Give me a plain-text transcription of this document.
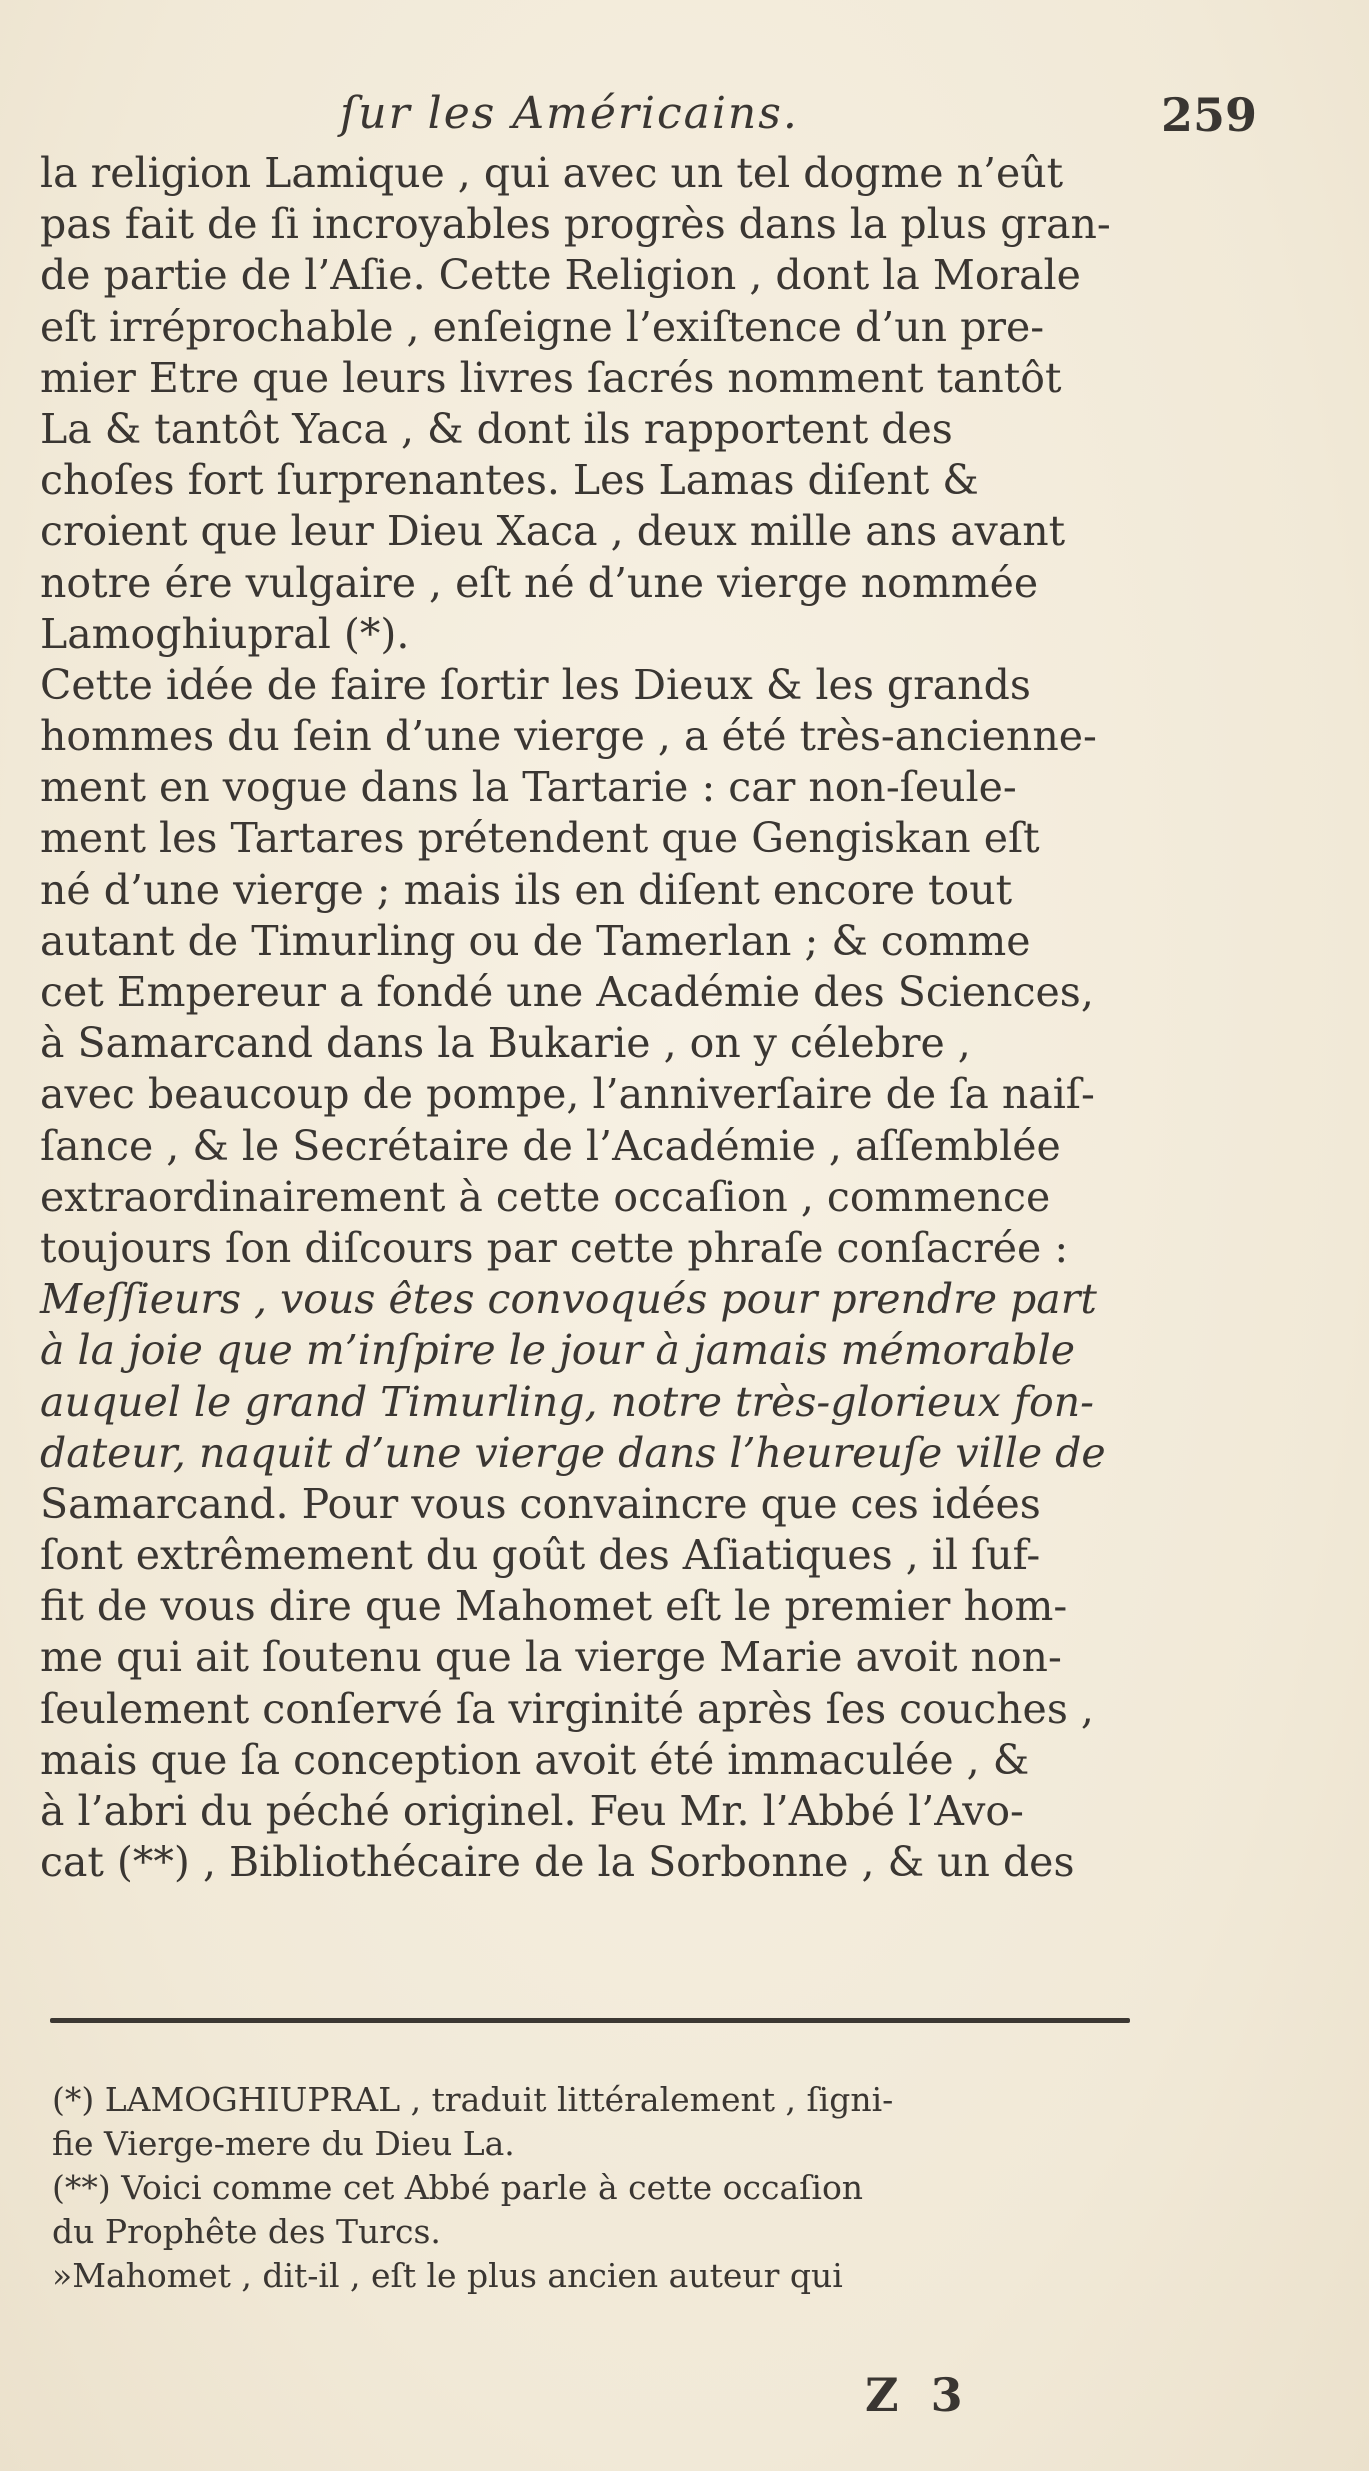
ſur les Américains.	259
la religion Lamique , qui avec un tel dogme n’eût
pas fait de ſi incroyables progrès dans la plus gran-
de partie de l’Aſie. Cette Religion , dont la Morale
eſt irréprochable , enſeigne l’exiſtence d’un pre-
mier Etre que leurs livres ſacrés nomment tantôt
La & tantôt Yaca , & dont ils rapportent des
choſes fort ſurprenantes. Les Lamas diſent &
croient que leur Dieu Xaca , deux mille ans avant
notre ére vulgaire , eſt né d’une vierge nommée
Lamoghiupral (*).
Cette idée de faire ſortir les Dieux & les grands
hommes du ſein d’une vierge , a été très-ancienne-
ment en vogue dans la Tartarie : car non-ſeule-
ment les Tartares prétendent que Gengiskan eſt
né d’une vierge ; mais ils en diſent encore tout
autant de Timurling ou de Tamerlan ; & comme
cet Empereur a fondé une Académie des Sciences,
à Samarcand dans la Bukarie , on y célebre ,
avec beaucoup de pompe, l’anniverſaire de ſa naiſ-
ſance , & le Secrétaire de l’Académie , aſſemblée
extraordinairement à cette occaſion , commence
toujours ſon diſcours par cette phraſe conſacrée :
Meſſieurs , vous êtes convoqués pour prendre part
à la joie que m’inſpire le jour à jamais mémorable
auquel le grand Timurling, notre très-glorieux fon-
dateur, naquit d’une vierge dans l’heureuſe ville de
Samarcand. Pour vous convaincre que ces idées
ſont extrêmement du goût des Aſiatiques , il ſuf-
fit de vous dire que Mahomet eſt le premier hom-
me qui ait ſoutenu que la vierge Marie avoit non-
ſeulement conſervé ſa virginité après ſes couches ,
mais que ſa conception avoit été immaculée , &
à l’abri du péché originel. Feu Mr. l’Abbé l’Avo-
cat (**) , Bibliothécaire de la Sorbonne , & un des
(*) LAMOGHIUPRAL , traduit littéralement , ſigni-
fie Vierge-mere du Dieu La.
(**) Voici comme cet Abbé parle à cette occaſion
du Prophête des Turcs.
»Mahomet , dit-il , eſt le plus ancien auteur qui
Z 3
